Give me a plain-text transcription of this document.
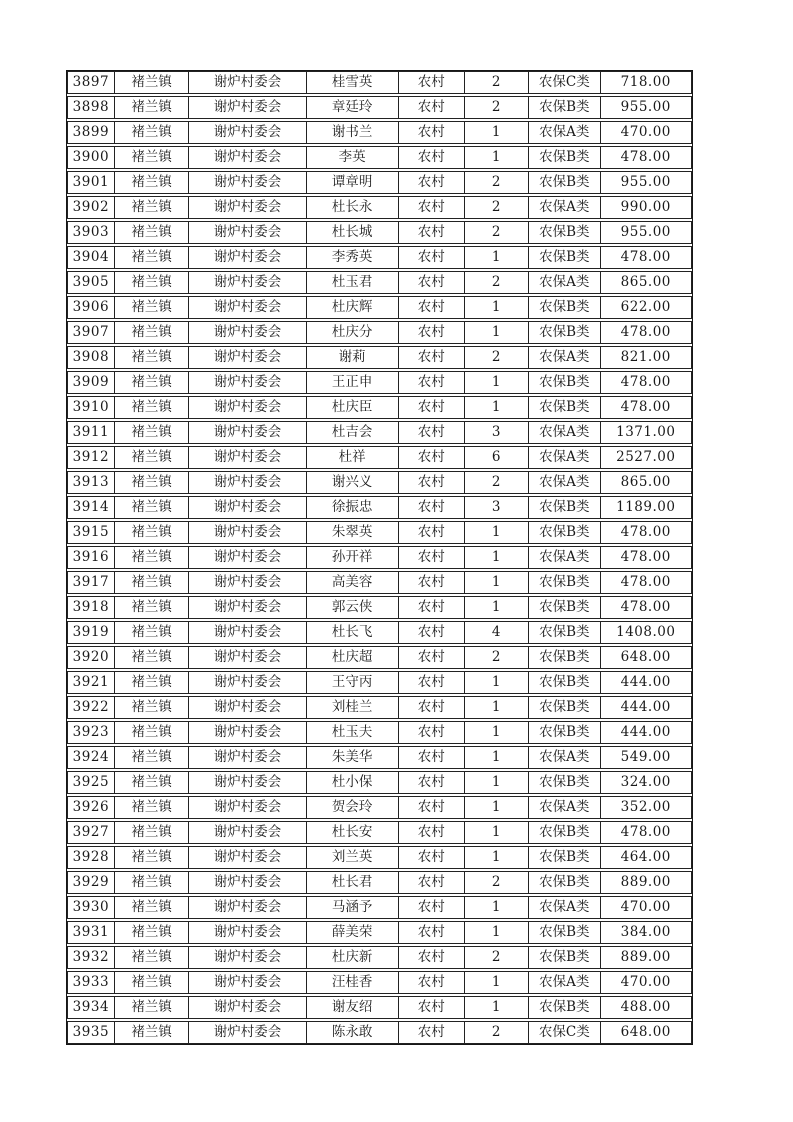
3897	褚兰镇	谢炉村委会	桂雪英	农村	2	农保C类	718.00
3898	褚兰镇	谢炉村委会	章廷玲	农村	2	农保B类	955.00
3899	褚兰镇	谢炉村委会	谢书兰	农村	1	农保A类	470.00
3900	褚兰镇	谢炉村委会	李英	农村	1	农保B类	478.00
3901	褚兰镇	谢炉村委会	谭章明	农村	2	农保B类	955.00
3902	褚兰镇	谢炉村委会	杜长永	农村	2	农保A类	990.00
3903	褚兰镇	谢炉村委会	杜长城	农村	2	农保B类	955.00
3904	褚兰镇	谢炉村委会	李秀英	农村	1	农保B类	478.00
3905	褚兰镇	谢炉村委会	杜玉君	农村	2	农保A类	865.00
3906	褚兰镇	谢炉村委会	杜庆辉	农村	1	农保B类	622.00
3907	褚兰镇	谢炉村委会	杜庆分	农村	1	农保B类	478.00
3908	褚兰镇	谢炉村委会	谢莉	农村	2	农保A类	821.00
3909	褚兰镇	谢炉村委会	王正申	农村	1	农保B类	478.00
3910	褚兰镇	谢炉村委会	杜庆臣	农村	1	农保B类	478.00
3911	褚兰镇	谢炉村委会	杜吉会	农村	3	农保A类	1371.00
3912	褚兰镇	谢炉村委会	杜祥	农村	6	农保A类	2527.00
3913	褚兰镇	谢炉村委会	谢兴义	农村	2	农保A类	865.00
3914	褚兰镇	谢炉村委会	徐振忠	农村	3	农保B类	1189.00
3915	褚兰镇	谢炉村委会	朱翠英	农村	1	农保B类	478.00
3916	褚兰镇	谢炉村委会	孙开祥	农村	1	农保A类	478.00
3917	褚兰镇	谢炉村委会	高美容	农村	1	农保B类	478.00
3918	褚兰镇	谢炉村委会	郭云侠	农村	1	农保B类	478.00
3919	褚兰镇	谢炉村委会	杜长飞	农村	4	农保B类	1408.00
3920	褚兰镇	谢炉村委会	杜庆超	农村	2	农保B类	648.00
3921	褚兰镇	谢炉村委会	王守丙	农村	1	农保B类	444.00
3922	褚兰镇	谢炉村委会	刘桂兰	农村	1	农保B类	444.00
3923	褚兰镇	谢炉村委会	杜玉夫	农村	1	农保B类	444.00
3924	褚兰镇	谢炉村委会	朱美华	农村	1	农保A类	549.00
3925	褚兰镇	谢炉村委会	杜小保	农村	1	农保B类	324.00
3926	褚兰镇	谢炉村委会	贺会玲	农村	1	农保A类	352.00
3927	褚兰镇	谢炉村委会	杜长安	农村	1	农保B类	478.00
3928	褚兰镇	谢炉村委会	刘兰英	农村	1	农保B类	464.00
3929	褚兰镇	谢炉村委会	杜长君	农村	2	农保B类	889.00
3930	褚兰镇	谢炉村委会	马涵予	农村	1	农保A类	470.00
3931	褚兰镇	谢炉村委会	薛美荣	农村	1	农保B类	384.00
3932	褚兰镇	谢炉村委会	杜庆新	农村	2	农保B类	889.00
3933	褚兰镇	谢炉村委会	汪桂香	农村	1	农保A类	470.00
3934	褚兰镇	谢炉村委会	谢友绍	农村	1	农保B类	488.00
3935	褚兰镇	谢炉村委会	陈永敢	农村	2	农保C类	648.00
